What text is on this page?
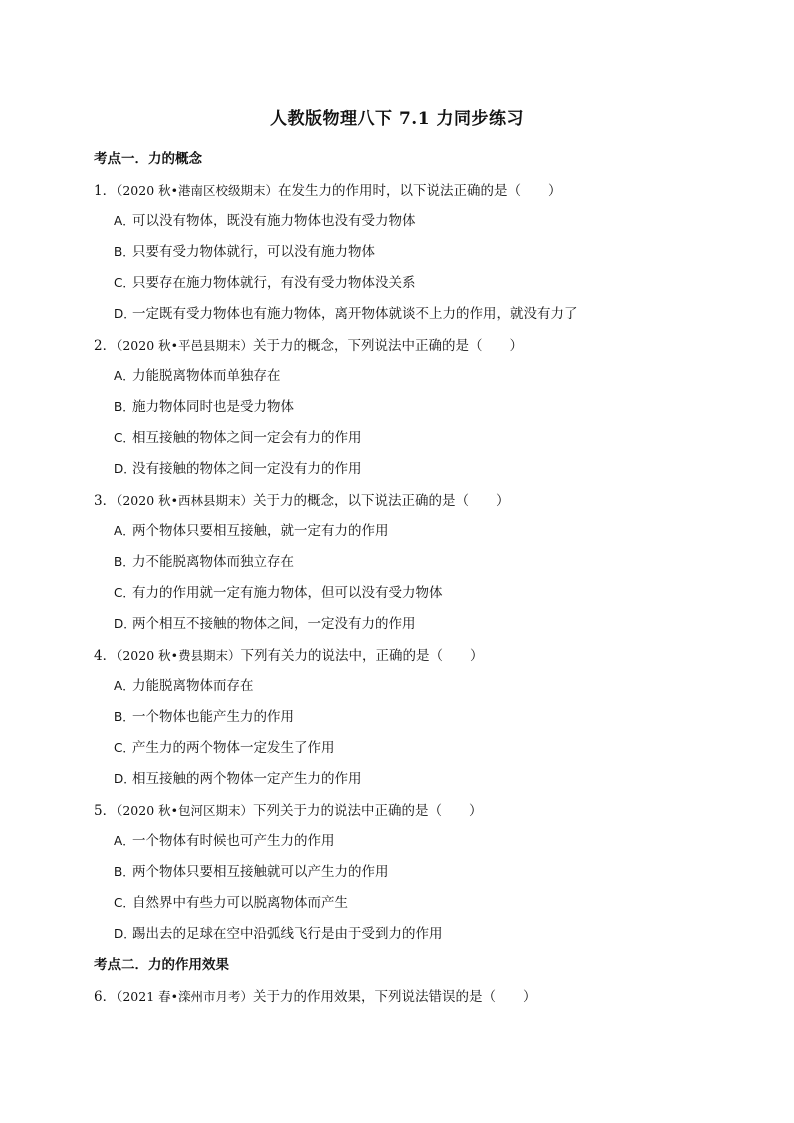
人教版物理八下 7.1 力同步练习
考点一．力的概念
1．（2020 秋•港南区校级期末）在发生力的作用时，以下说法正确的是（　　）
A．可以没有物体，既没有施力物体也没有受力物体
B．只要有受力物体就行，可以没有施力物体
C．只要存在施力物体就行，有没有受力物体没关系
D．一定既有受力物体也有施力物体，离开物体就谈不上力的作用，就没有力了
2．（2020 秋•平邑县期末）关于力的概念，下列说法中正确的是（　　）
A．力能脱离物体而单独存在
B．施力物体同时也是受力物体
C．相互接触的物体之间一定会有力的作用
D．没有接触的物体之间一定没有力的作用
3．（2020 秋•西林县期末）关于力的概念，以下说法正确的是（　　）
A．两个物体只要相互接触，就一定有力的作用
B．力不能脱离物体而独立存在
C．有力的作用就一定有施力物体，但可以没有受力物体
D．两个相互不接触的物体之间，一定没有力的作用
4．（2020 秋•费县期末）下列有关力的说法中，正确的是（　　）
A．力能脱离物体而存在
B．一个物体也能产生力的作用
C．产生力的两个物体一定发生了作用
D．相互接触的两个物体一定产生力的作用
5．（2020 秋•包河区期末）下列关于力的说法中正确的是（　　）
A．一个物体有时候也可产生力的作用
B．两个物体只要相互接触就可以产生力的作用
C．自然界中有些力可以脱离物体而产生
D．踢出去的足球在空中沿弧线飞行是由于受到力的作用
考点二．力的作用效果
6．（2021 春•滦州市月考）关于力的作用效果，下列说法错误的是（　　）
